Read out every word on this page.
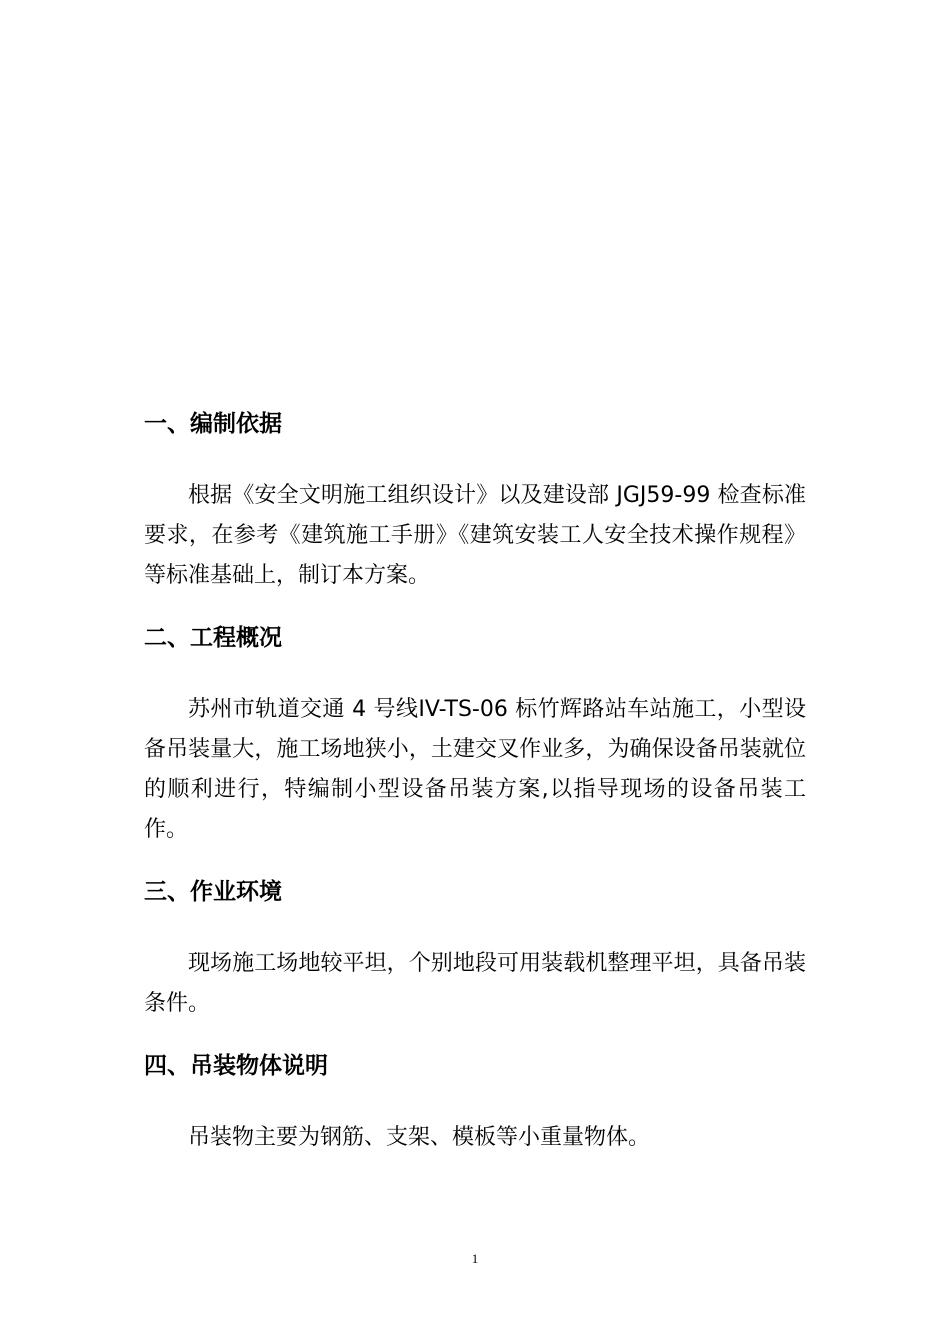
一、编制依据

根据《安全文明施工组织设计》以及建设部 JGJ59-99 检查标准要求，在参考《建筑施工手册》《建筑安装工人安全技术操作规程》等标准基础上，制订本方案。

二、工程概况

苏州市轨道交通 4 号线IV-TS-06 标竹辉路站车站施工，小型设备吊装量大，施工场地狭小，土建交叉作业多，为确保设备吊装就位的顺利进行，特编制小型设备吊装方案,以指导现场的设备吊装工作。

三、作业环境

现场施工场地较平坦，个别地段可用装载机整理平坦，具备吊装条件。

四、吊装物体说明

吊装物主要为钢筋、支架、模板等小重量物体。

1
